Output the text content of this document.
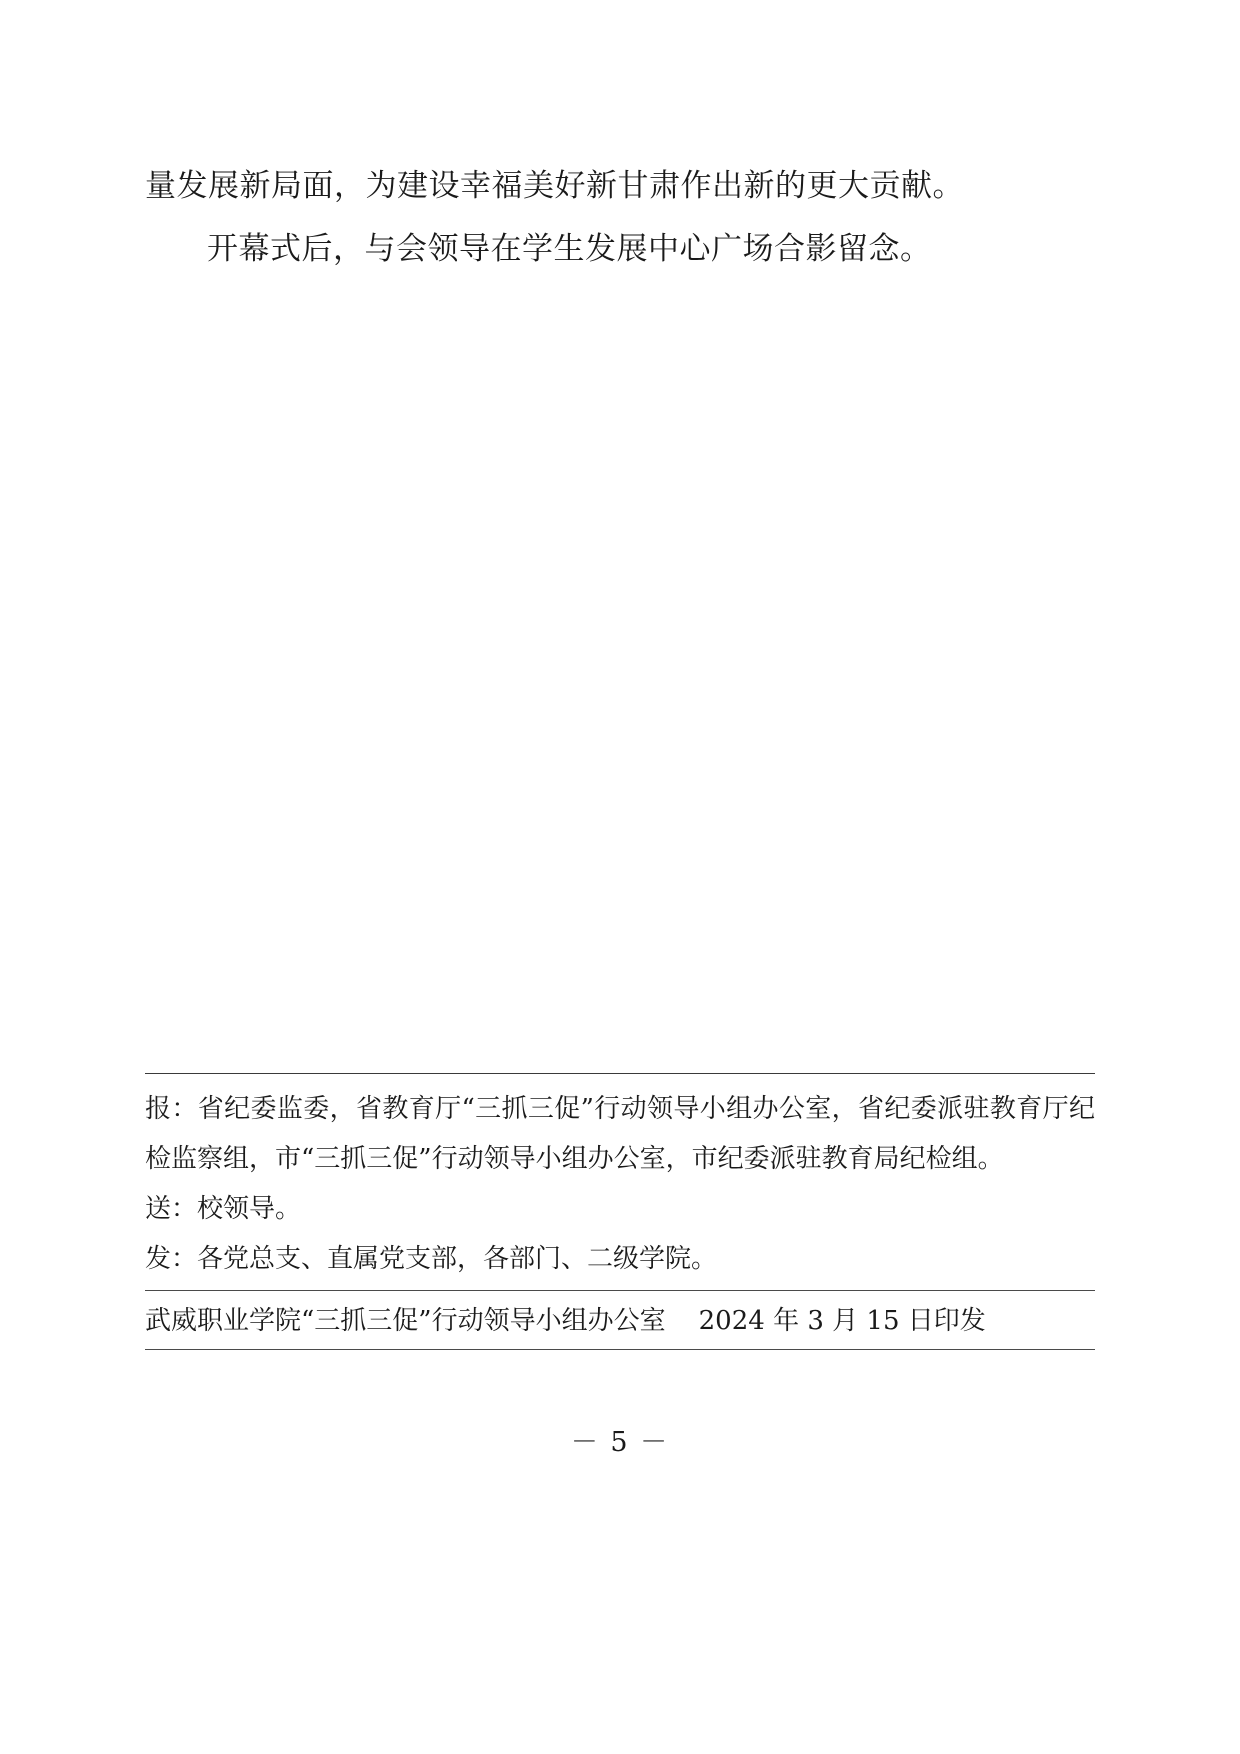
量发展新局面，为建设幸福美好新甘肃作出新的更大贡献。

开幕式后，与会领导在学生发展中心广场合影留念。

报：省纪委监委，省教育厅“三抓三促”行动领导小组办公室，省纪委派驻教育厅纪检监察组，市“三抓三促”行动领导小组办公室，市纪委派驻教育局纪检组。

送：校领导。

发：各党总支、直属党支部，各部门、二级学院。

武威职业学院“三抓三促”行动领导小组办公室    2024 年 3 月 15 日印发
－ 5 －
